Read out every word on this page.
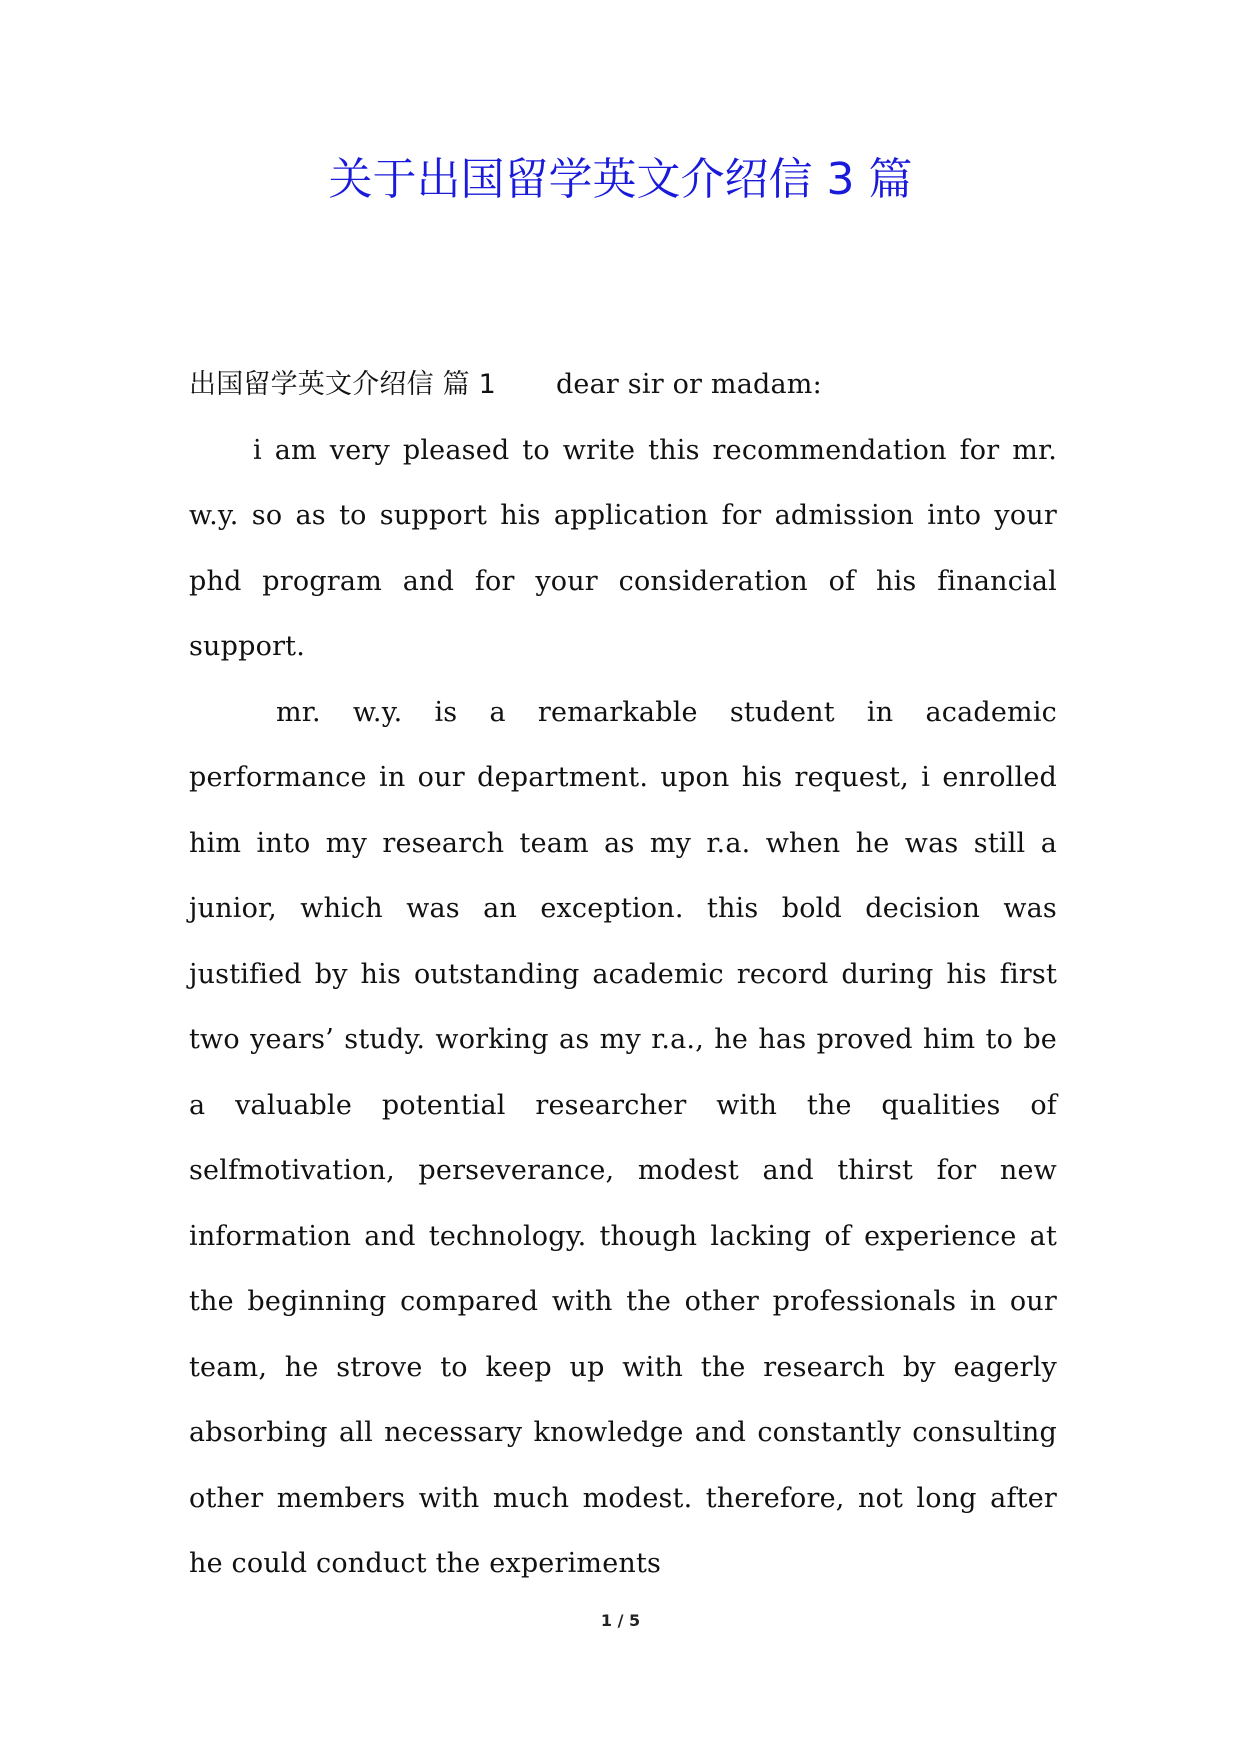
关于出国留学英文介绍信 3 篇

出国留学英文介绍信 篇 1 dear sir or madam:

i am very pleased to write this recommendation for mr. w.y. so as to support his application for admission into your phd program and for your consideration of his financial support.

mr. w.y. is a remarkable student in academic performance in our department. upon his request, i enrolled him into my research team as my r.a. when he was still a junior, which was an exception. this bold decision was justified by his outstanding academic record during his first two years’ study. working as my r.a., he has proved him to be a valuable potential researcher with the qualities of selfmotivation, perseverance, modest and thirst for new information and technology. though lacking of experience at the beginning compared with the other professionals in our team, he strove to keep up with the research by eagerly absorbing all necessary knowledge and constantly consulting other members with much modest. therefore, not long after he could conduct the experiments

1 / 5
